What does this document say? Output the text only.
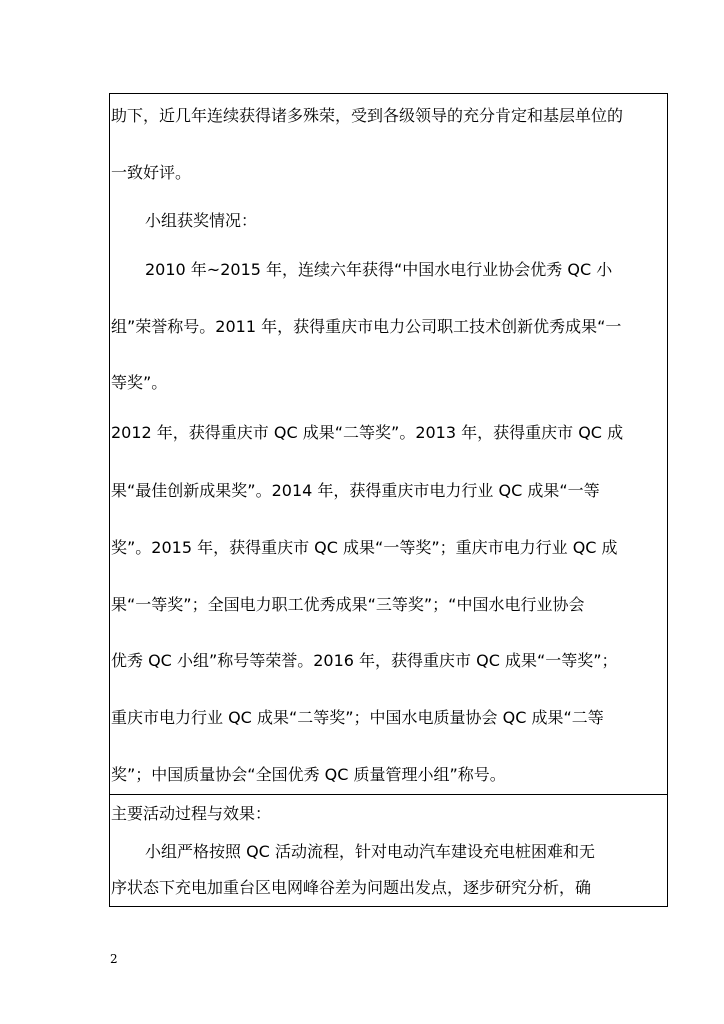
助下，近几年连续获得诸多殊荣，受到各级领导的充分肯定和基层单位的
一致好评。
小组获奖情况：
2010 年~2015 年，连续六年获得“中国水电行业协会优秀 QC 小
组”荣誉称号。2011 年，获得重庆市电力公司职工技术创新优秀成果“一
等奖”。
2012 年，获得重庆市 QC 成果“二等奖”。2013 年，获得重庆市 QC 成
果“最佳创新成果奖”。2014 年，获得重庆市电力行业 QC 成果“一等
奖”。2015 年，获得重庆市 QC 成果“一等奖”；重庆市电力行业 QC 成
果“一等奖”；全国电力职工优秀成果“三等奖”；“中国水电行业协会
优秀 QC 小组”称号等荣誉。2016 年，获得重庆市 QC 成果“一等奖”；
重庆市电力行业 QC 成果“二等奖”；中国水电质量协会 QC 成果“二等
奖”；中国质量协会“全国优秀 QC 质量管理小组”称号。
主要活动过程与效果：
小组严格按照 QC 活动流程，针对电动汽车建设充电桩困难和无
序状态下充电加重台区电网峰谷差为问题出发点，逐步研究分析，确
2
